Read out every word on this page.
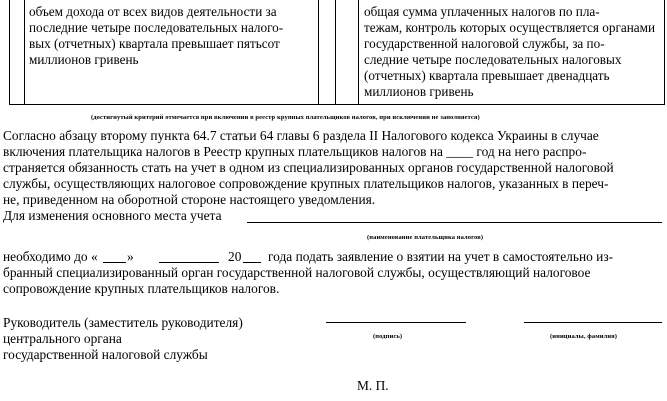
объем дохода от всех видов деятельности за
последние четыре последовательных налого-
вых (отчетных) квартала превышает пятьсот
миллионов гривень
общая сумма уплаченных налогов по пла-
тежам, контроль которых осуществляется органами
государственной налоговой службы, за по-
следние четыре последовательных налоговых
(отчетных) квартала превышает двенадцать
миллионов гривень
(достигнутый критерий отмечается при включении в реестр крупных плательщиков налогов, при исключении не заполняется)
Согласно абзацу второму пункта 64.7 статьи 64 главы 6 раздела II Налогового кодекса Украины в случае
включения плательщика налогов в Реестр крупных плательщиков налогов на ____ год на него распро-
страняется обязанность стать на учет в одном из специализированных органов государственной налоговой
службы, осуществляющих налоговое сопровождение крупных плательщиков налогов, указанных в переч-
не, приведенном на оборотной стороне настоящего уведомления.
Для изменения основного места учета
(наименование плательщика налогов)
необходимо до « »	20 года подать заявление о взятии на учет в самостоятельно из-
бранный специализированный орган государственной налоговой службы, осуществляющий налоговое
сопровождение крупных плательщиков налогов.
Руководитель (заместитель руководителя)
центрального органа
государственной налоговой службы
(подпись)	(инициалы, фамилия)
М. П.
